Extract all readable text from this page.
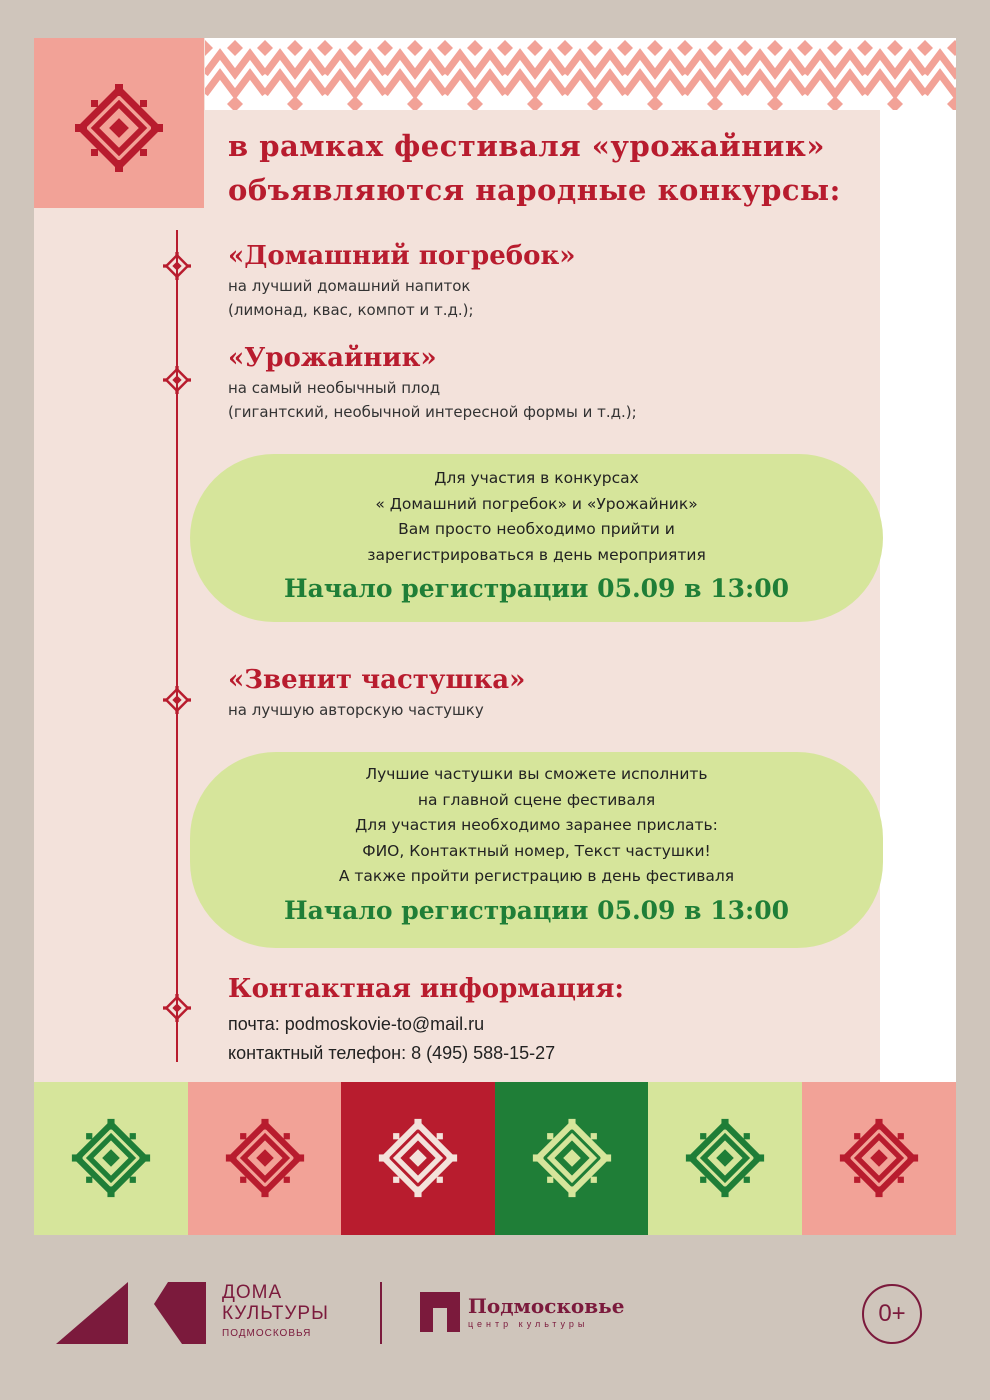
в рамках фестиваля «урожайник»
объявляются народные конкурсы:
«Домашний погребок»

на лучший домашний напиток

(лимонад, квас, компот и т.д.);

«Урожайник»

на самый необычный плод

(гигантский, необычной интересной формы и т.д.);

Для участия в конкурсах
« Домашний погребок» и «Урожайник»
Вам просто необходимо прийти и
зарегистрироваться в день мероприятия
Начало регистрации 05.09 в 13:00
«Звенит частушка»

на лучшую авторскую частушку

Лучшие частушки вы сможете исполнить
на главной сцене фестиваля
Для участия необходимо заранее прислать:
ФИО, Контактный номер, Текст частушки!
А также пройти регистрацию в день фестиваля
Начало регистрации 05.09 в 13:00
Контактная информация:

почта: podmoskovie-to@mail.ru

контактный телефон: 8 (495) 588-15-27

ДОМА
КУЛЬТУРЫ
ПОДМОСКОВЬЯ
Подмосковье
центр культуры	0+
